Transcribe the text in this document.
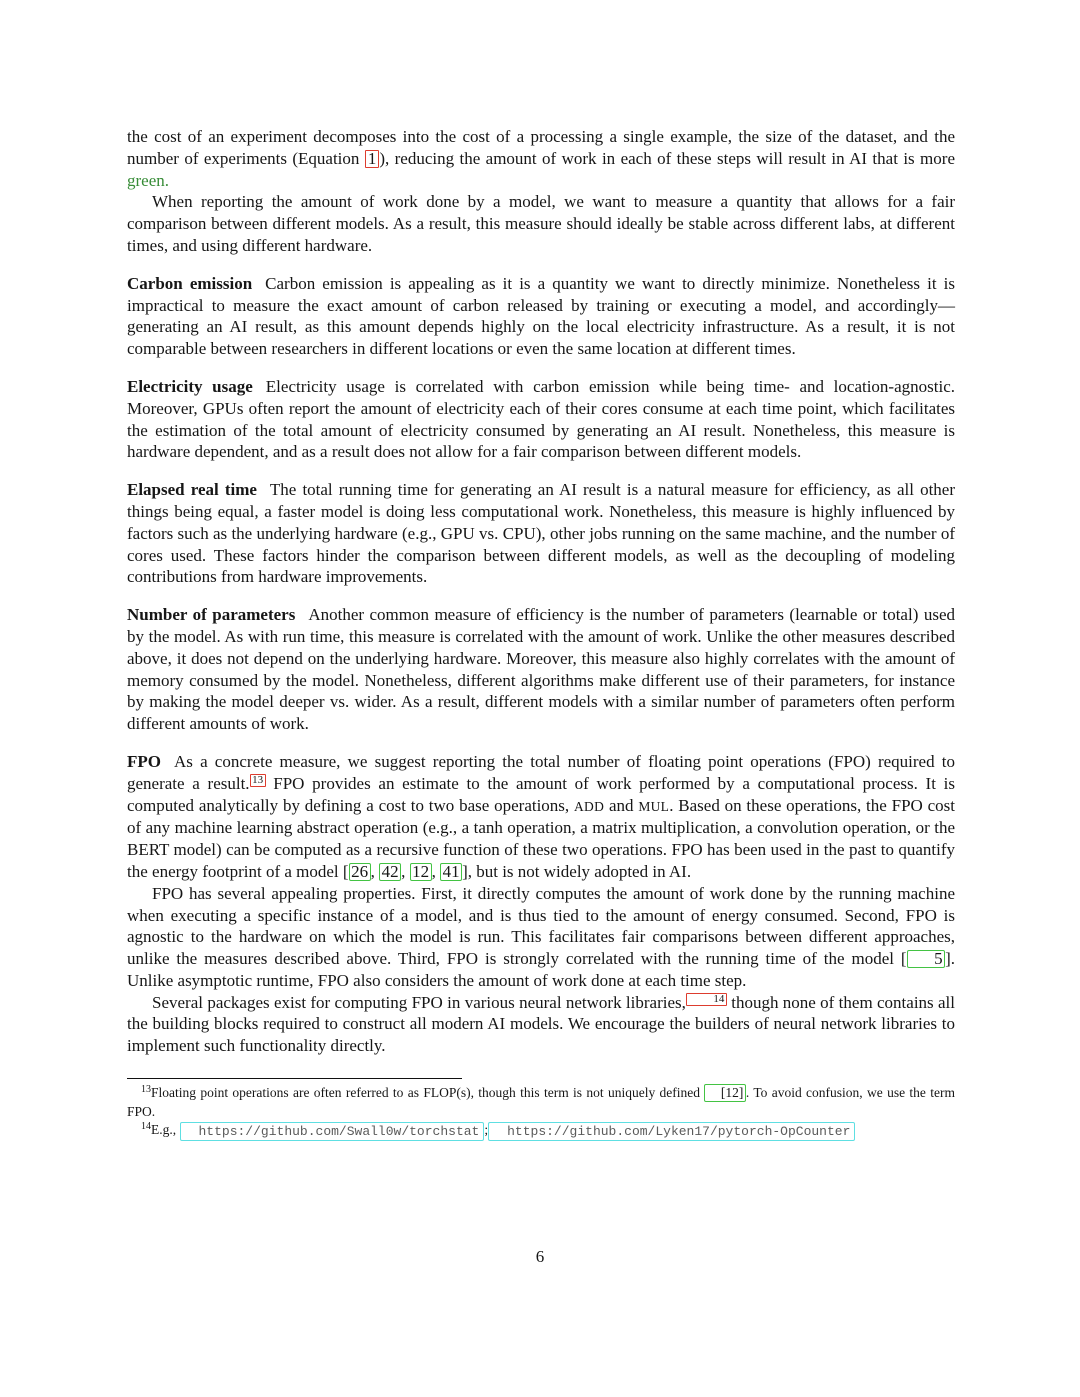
the cost of an experiment decomposes into the cost of a processing a single example, the size of the dataset, and the number of experiments (Equation 1 ), reducing the amount of work in each of these steps will result in AI that is more green.

When reporting the amount of work done by a model, we want to measure a quantity that allows for a fair comparison between different models. As a result, this measure should ideally be stable across different labs, at different times, and using different hardware.

Carbon emission Carbon emission is appealing as it is a quantity we want to directly minimize. Nonetheless it is impractical to measure the exact amount of carbon released by training or executing a model, and accordingly—generating an AI result, as this amount depends highly on the local electricity infrastructure. As a result, it is not comparable between researchers in different locations or even the same location at different times.

Electricity usage Electricity usage is correlated with carbon emission while being time- and location-agnostic. Moreover, GPUs often report the amount of electricity each of their cores consume at each time point, which facilitates the estimation of the total amount of electricity consumed by generating an AI result. Nonetheless, this measure is hardware dependent, and as a result does not allow for a fair comparison between different models.

Elapsed real time The total running time for generating an AI result is a natural measure for efficiency, as all other things being equal, a faster model is doing less computational work. Nonetheless, this measure is highly influenced by factors such as the underlying hardware (e.g., GPU vs. CPU), other jobs running on the same machine, and the number of cores used. These factors hinder the comparison between different models, as well as the decoupling of modeling contributions from hardware improvements.

Number of parameters Another common measure of efficiency is the number of parameters (learnable or total) used by the model. As with run time, this measure is correlated with the amount of work. Unlike the other measures described above, it does not depend on the underlying hardware. Moreover, this measure also highly correlates with the amount of memory consumed by the model. Nonetheless, different algorithms make different use of their parameters, for instance by making the model deeper vs. wider. As a result, different models with a similar number of parameters often perform different amounts of work.

FPO As a concrete measure, we suggest reporting the total number of floating point operations (FPO) required to generate a result. $^{13}$ FPO provides an estimate to the amount of work performed by a computational process. It is computed analytically by defining a cost to two base operations, ADD and MUL. Based on these operations, the FPO cost of any machine learning abstract operation (e.g., a tanh operation, a matrix multiplication, a convolution operation, or the BERT model) can be computed as a recursive function of these two operations. FPO has been used in the past to quantify the energy footprint of a model [ 26 , 42 , 12 , 41 ], but is not widely adopted in AI.

FPO has several appealing properties. First, it directly computes the amount of work done by the running machine when executing a specific instance of a model, and is thus tied to the amount of energy consumed. Second, FPO is agnostic to the hardware on which the model is run. This facilitates fair comparisons between different approaches, unlike the measures described above. Third, FPO is strongly correlated with the running time of the model [ 5 ]. Unlike asymptotic runtime, FPO also considers the amount of work done at each time step.

Several packages exist for computing FPO in various neural network libraries,	$^{14}$ though none of them contains all the building blocks required to construct all modern AI models. We encourage the builders of neural network libraries to implement such functionality directly.

$^{13}$Floating point operations are often referred to as FLOP(s), though this term is not uniquely defined [12] . To avoid confusion, we use the term FPO.

$^{14}$E.g., https://github.com/Swall0w/torchstat ; https://github.com/Lyken17/pytorch-OpCounter

6
